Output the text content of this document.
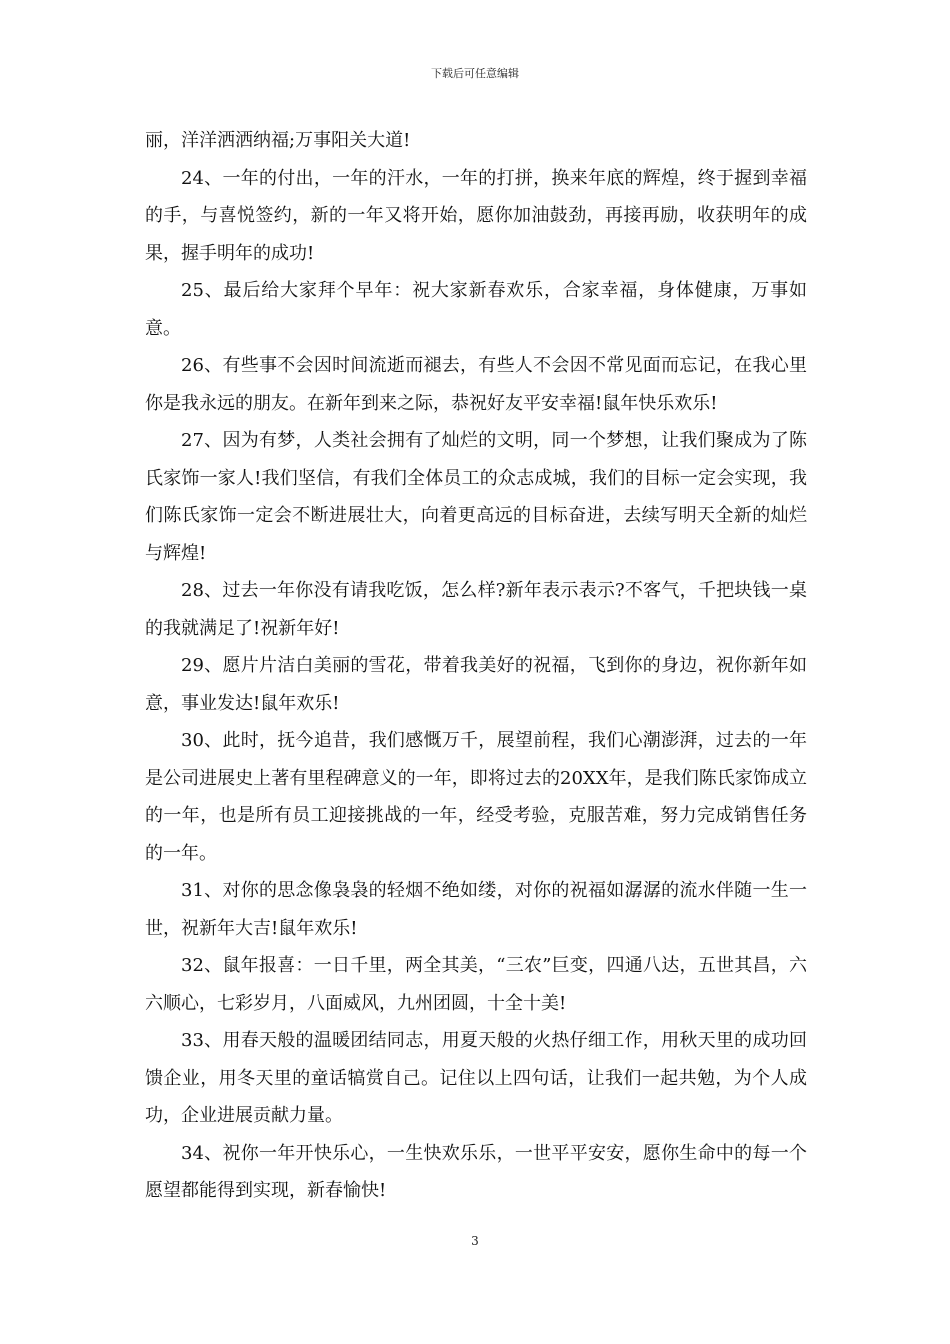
下载后可任意编辑

丽，洋洋洒洒纳福;万事阳关大道!

24、一年的付出，一年的汗水，一年的打拼，换来年底的辉煌，终于握到幸福的手，与喜悦签约，新的一年又将开始，愿你加油鼓劲，再接再励，收获明年的成果，握手明年的成功!

25、最后给大家拜个早年：祝大家新春欢乐，合家幸福，身体健康，万事如意。

26、有些事不会因时间流逝而褪去，有些人不会因不常见面而忘记，在我心里你是我永远的朋友。在新年到来之际，恭祝好友平安幸福!鼠年快乐欢乐!

27、因为有梦，人类社会拥有了灿烂的文明，同一个梦想，让我们聚成为了陈氏家饰一家人!我们坚信，有我们全体员工的众志成城，我们的目标一定会实现，我们陈氏家饰一定会不断进展壮大，向着更高远的目标奋进，去续写明天全新的灿烂与辉煌!

28、过去一年你没有请我吃饭，怎么样?新年表示表示?不客气，千把块钱一桌的我就满足了!祝新年好!

29、愿片片洁白美丽的雪花，带着我美好的祝福，飞到你的身边，祝你新年如意，事业发达!鼠年欢乐!

30、此时，抚今追昔，我们感慨万千，展望前程，我们心潮澎湃，过去的一年是公司进展史上著有里程碑意义的一年，即将过去的20XX年，是我们陈氏家饰成立的一年，也是所有员工迎接挑战的一年，经受考验，克服苦难，努力完成销售任务的一年。

31、对你的思念像袅袅的轻烟不绝如缕，对你的祝福如潺潺的流水伴随一生一世，祝新年大吉!鼠年欢乐!

32、鼠年报喜：一日千里，两全其美，“三农”巨变，四通八达，五世其昌，六六顺心，七彩岁月，八面威风，九州团圆，十全十美!

33、用春天般的温暖团结同志，用夏天般的火热仔细工作，用秋天里的成功回馈企业，用冬天里的童话犒赏自己。记住以上四句话，让我们一起共勉，为个人成功，企业进展贡献力量。

34、祝你一年开快乐心，一生快欢乐乐，一世平平安安，愿你生命中的每一个愿望都能得到实现，新春愉快!

3
